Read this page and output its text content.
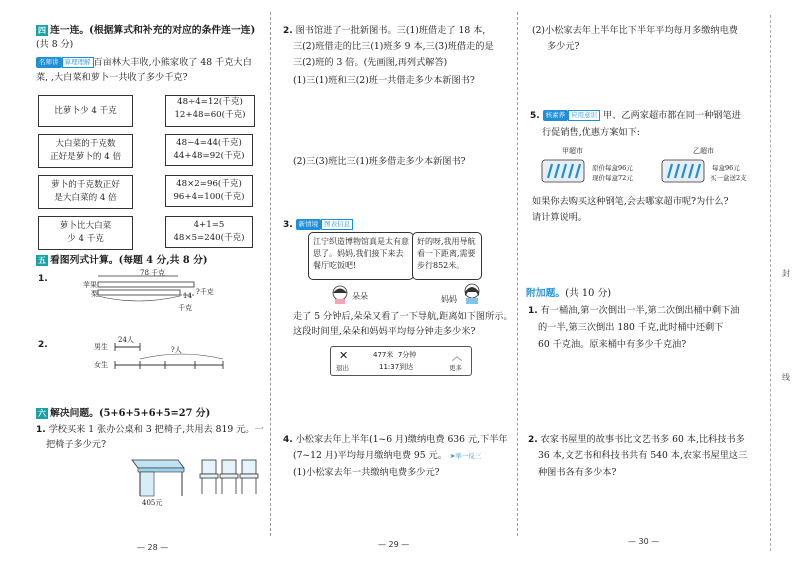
四 连一连。(根据算式和补充的对应的条件连一连)
(共 8 分)
名师讲 算理理解 百亩林大丰收,小熊家收了 48 千克大白
菜, ,大白菜和萝卜一共收了多少千克?
比萝卜少 4 千克
大白菜的千克数
正好是萝卜的 4 倍
萝卜的千克数正好
是大白菜的 4 倍
萝卜比大白菜
少 4 千克
48÷4=12(千克)
12+48=60(千克)
48−4=44(千克)
44+48=92(千克)
48×2=96(千克)
96+4=100(千克)
4+1=5
48×5=240(千克)
五 看图列式计算。(每题 4 分,共 8 分)
1.
78 千克
苹果
梨	14 ?千克
千克
2.	男生
女生
24人
?人
六 解决问题。(5+6+5+6+5=27 分)
1. 学校买来 1 张办公桌和 3 把椅子,共用去 819 元。一
把椅子多少元?
405元
— 28 —
2. 图书馆进了一批新图书。三(1)班借走了 18 本,
三(2)班借走的比三(1)班多 9 本,三(3)班借走的是
三(2)班的 3 倍。(先画图,再列式解答)
(1)三(1)班和三(2)班一共借走多少本新图书?
(2)三(3)班比三(1)班多借走多少本新图书?
3. 新情境 图表信息
江宁织造博物馆真是太有意思了。妈妈,我们接下来去餐厅吃饭吧!
好的呀,我用导航看一下距离,需要步行852米。
朵朵	妈妈
走了 5 分钟后,朵朵又看了一下导航,距离如下图所示。
这段时间里,朵朵和妈妈平均每分钟走多少米?
✕
退出
477米 7分钟
11:37到达
︿
更多
4. 小松家去年上半年(1~6 月)缴纳电费 636 元,下半年
(7~12 月)平均每月缴纳电费 95 元。 ➤举一反三
(1)小松家去年一共缴纳电费多少元?
— 29 —
(2)小松家去年上半年比下半年平均每月多缴纳电费
多少元?
5. 核素养 应用意识 甲、乙两家超市都在同一种钢笔进
行促销售,优惠方案如下:
甲超市
原价每盒96元
现价每盒72元
乙超市
每盒96元
买一盒送2支
如果你去购买这种钢笔,会去哪家超市呢?为什么?
请计算说明。
附加题。(共 10 分)
1. 有一桶油,第一次倒出一半,第二次倒出桶中剩下油
的一半,第三次倒出 180 千克,此时桶中还剩下
60 千克油。原来桶中有多少千克油?
2. 农家书屋里的故事书比文艺书多 60 本,比科技书多
36 本,文艺书和科技书共有 540 本,农家书屋里这三
种图书各有多少本?
封
线
— 30 —
